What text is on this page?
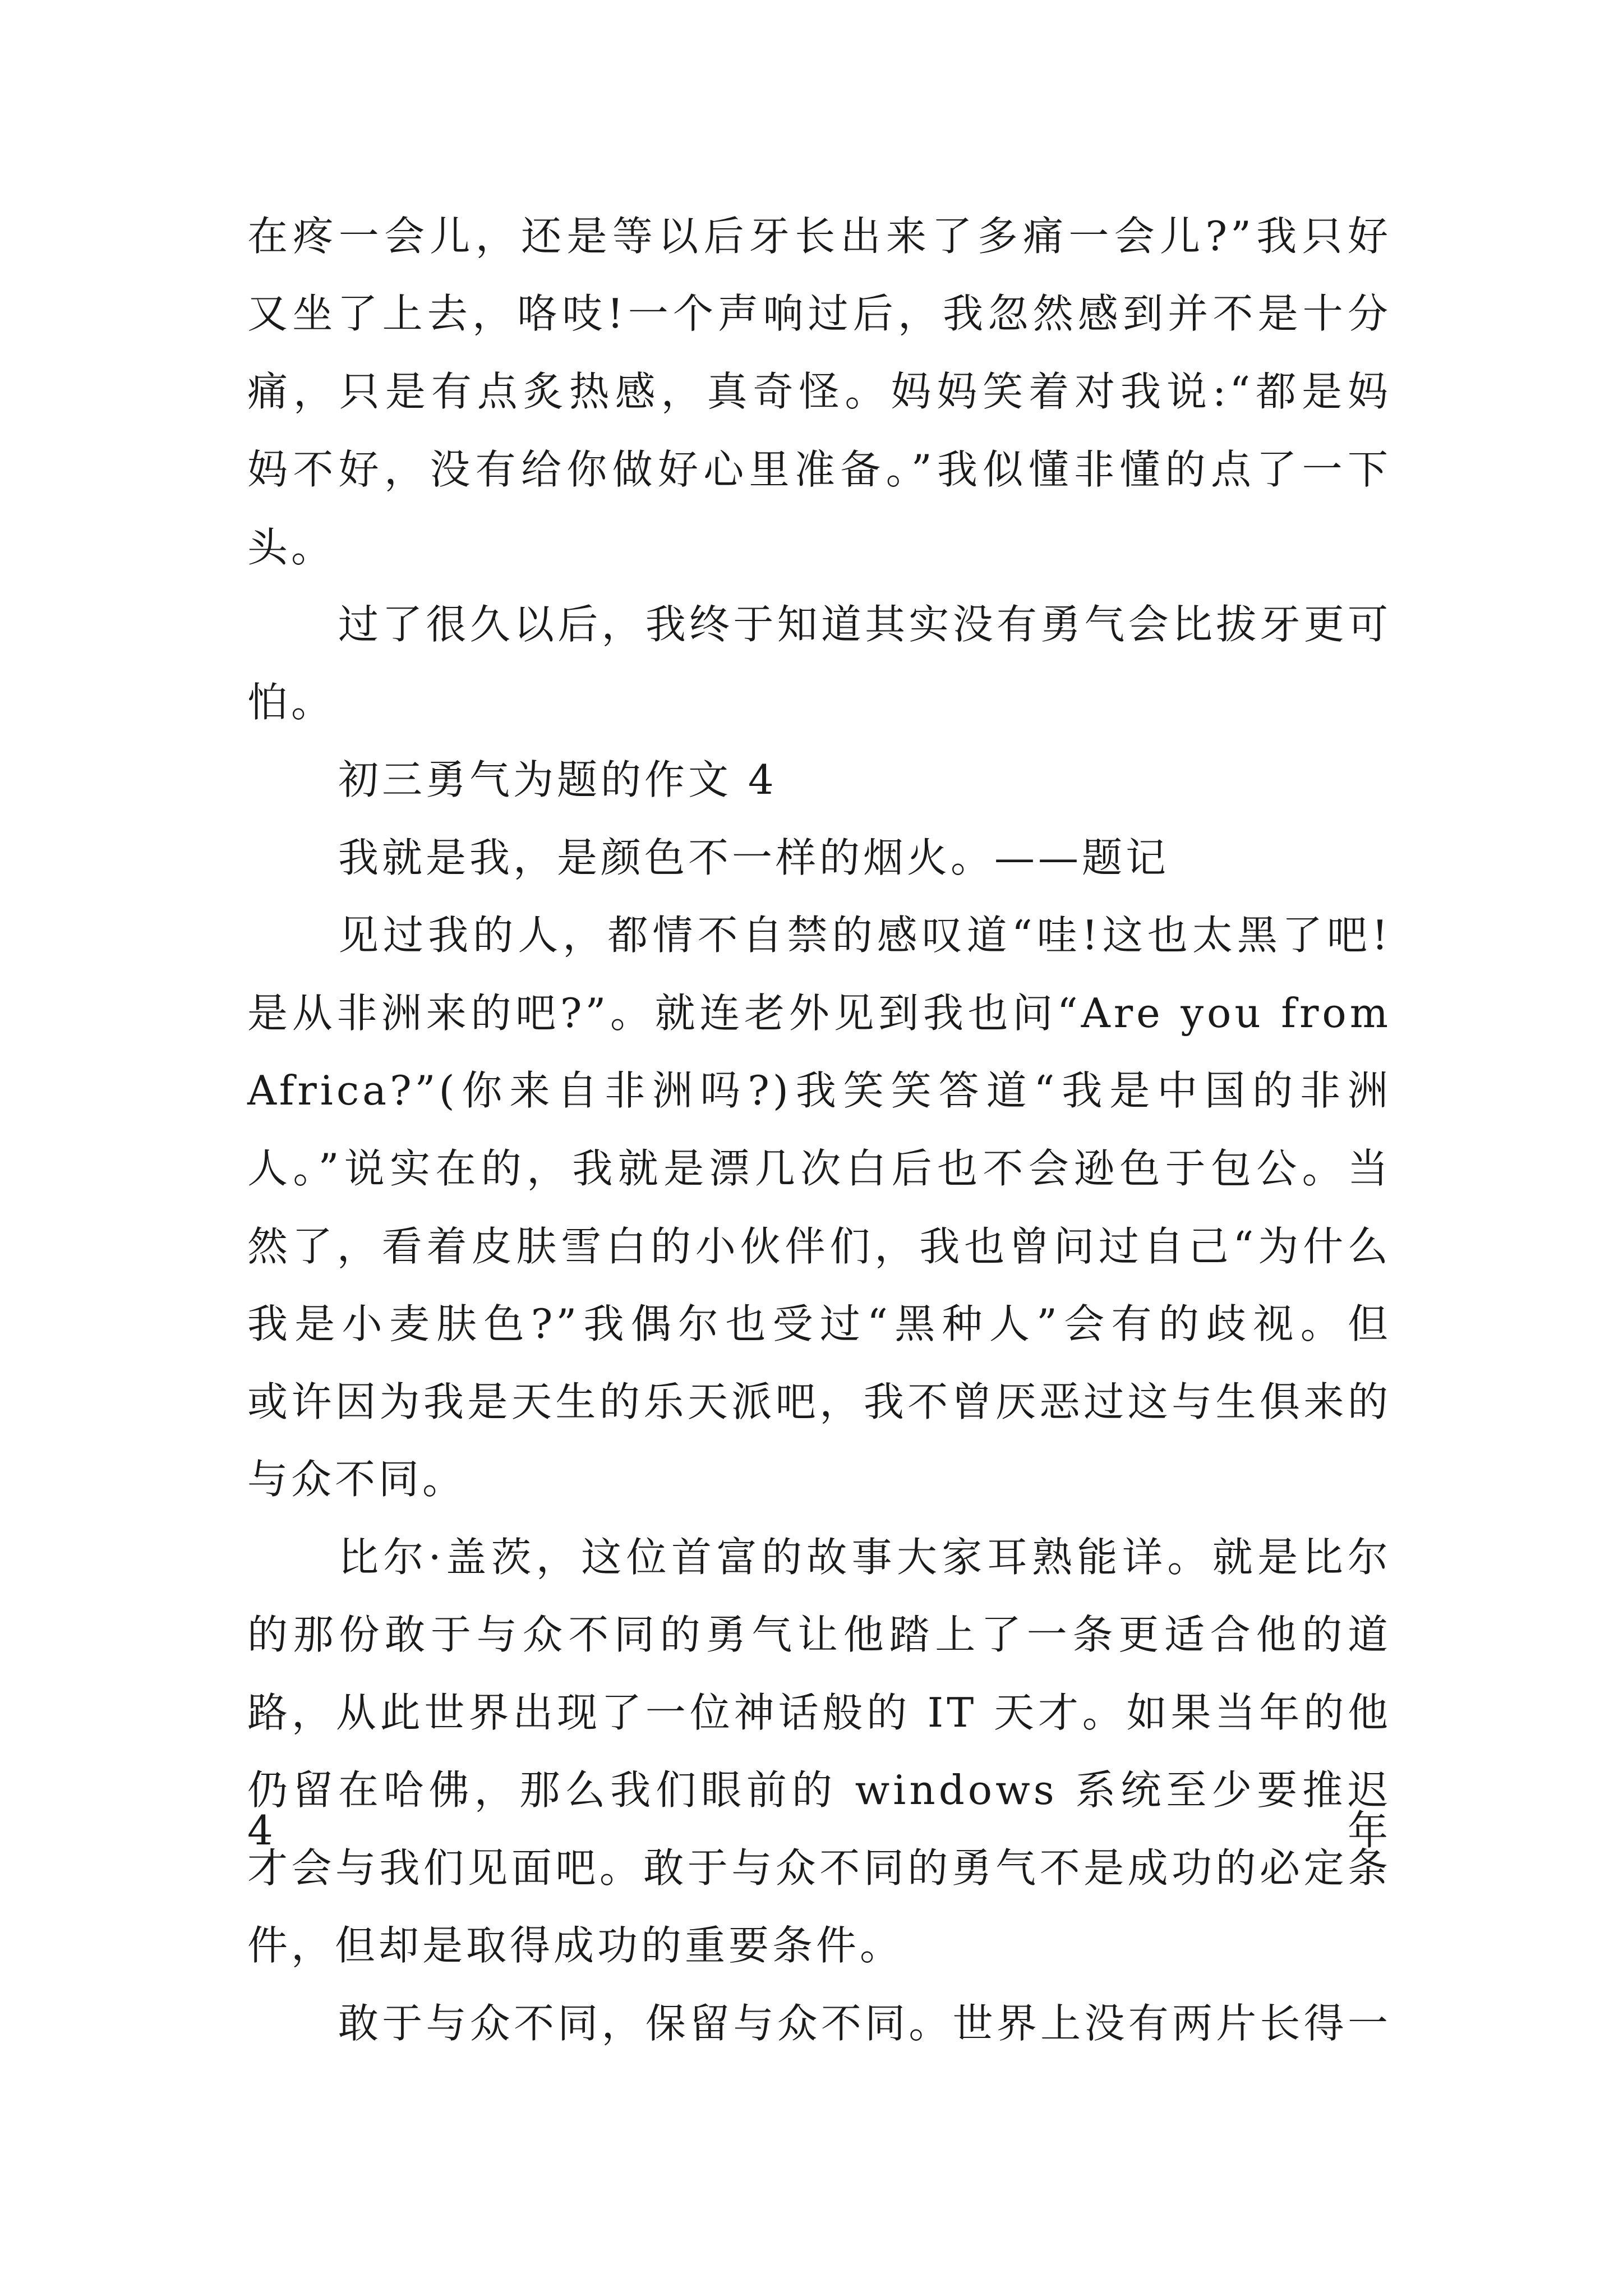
在疼一会儿，还是等以后牙长出来了多痛一会儿?”我只好
又坐了上去，咯吱!一个声响过后，我忽然感到并不是十分
痛，只是有点炙热感，真奇怪。妈妈笑着对我说:“都是妈
妈不好，没有给你做好心里准备。”我似懂非懂的点了一下
头。
过了很久以后，我终于知道其实没有勇气会比拔牙更可
怕。
初三勇气为题的作文 4
我就是我，是颜色不一样的烟火。——题记
见过我的人，都情不自禁的感叹道“哇!这也太黑了吧!
是从非洲来的吧?”。就连老外见到我也问“Are you from
Africa?”(你来自非洲吗?)我笑笑答道“我是中国的非洲
人。”说实在的，我就是漂几次白后也不会逊色于包公。当
然了，看着皮肤雪白的小伙伴们，我也曾问过自己“为什么
我是小麦肤色?”我偶尔也受过“黑种人”会有的歧视。但
或许因为我是天生的乐天派吧，我不曾厌恶过这与生俱来的
与众不同。
比尔·盖茨，这位首富的故事大家耳熟能详。就是比尔
的那份敢于与众不同的勇气让他踏上了一条更适合他的道
路，从此世界出现了一位神话般的 IT 天才。如果当年的他
仍留在哈佛，那么我们眼前的 windows 系统至少要推迟 4 年
才会与我们见面吧。敢于与众不同的勇气不是成功的必定条
件，但却是取得成功的重要条件。
敢于与众不同，保留与众不同。世界上没有两片长得一
